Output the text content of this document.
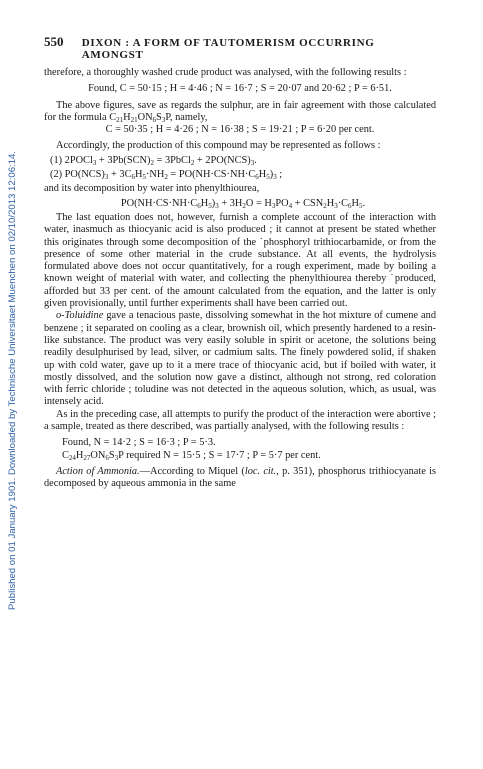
Published on 01 January 1901. Downloaded by Technische Universitaet Muenchen on 02/10/2013 12:06:14.
550	DIXON : A FORM OF TAUTOMERISM OCCURRING AMONGST

therefore, a thoroughly washed crude product was analysed, with the following results :

Found, C = 50·15 ; H = 4·46 ; N = 16·7 ; S = 20·07 and 20·62 ; P = 6·51.

The above figures, save as regards the sulphur, are in fair agreement with those calculated for the formula $C_{21}H_{21}ON_6S_3P$, namely,

C = 50·35 ; H = 4·26 ; N = 16·38 ; S = 19·21 ; P = 6·20 per cent.

Accordingly, the production of this compound may be represented as follows :

(1) 2POCl$_3$ + $3Pb(SCN)_2$ = 3PbCl$_2$ + $2PO(NCS)_3$.
(2) $PO(NCS)_3 + 3C_6H_5\cdot NH_2 = PO(NH\cdot CS\cdot NH\cdot C_6H_5)_3$ ;

and its decomposition by water into phenylthiourea,

$PO(NH\cdot CS\cdot NH\cdot C_6H_5)_3 + 3H_2O = H_3PO_4 + CSN_2H_3\cdot C_6H_5$.

The last equation does not, however, furnish a complete account of the interaction with water, inasmuch as thiocyanic acid is also produced ; it cannot at present be stated whether this originates through some decomposition of the ˙phosphoryl trithiocarbamide, or from the presence of some other material in the crude substance. At all events, the hydrolysis formulated above does not occur quantitatively, for a rough experiment, made by boiling a known weight of material with water, and collecting the phenylthiourea thereby ˙produced, afforded but 33 per cent. of the amount calculated from the equation, and the latter is only given provisionally, until further experiments shall have been carried out.

o-Toluidine gave a tenacious paste, dissolving somewhat in the hot mixture of cumene and benzene ; it separated on cooling as a clear, brownish oil, which presently hardened to a resin-like substance. The product was very easily soluble in spirit or acetone, the solutions being readily desulphurised by lead, silver, or cadmium salts. The finely powdered solid, if shaken up with cold water, gave up to it a mere trace of thiocyanic acid, but if boiled with water, it mostly dissolved, and the solution now gave a distinct, although not strong, red coloration with ferric chloride ; toludine was not detected in the aqueous solution, which, as usual, was intensely acid.

As in the preceding case, all attempts to purify the product of the interaction were abortive ; a sample, treated as there described, was partially analysed, with the following results :

Found, N = 14·2 ; S = 16·3 ; P = 5·3.

$C_{24}H_{27}ON_6S_3P$ required N = 15·5 ; S = 17·7 ; P = 5·7 per cent.

Action of Ammonia.—According to Miquel (loc. cit., p. 351), phosphorus trithiocyanate is decomposed by aqueous ammonia in the same
